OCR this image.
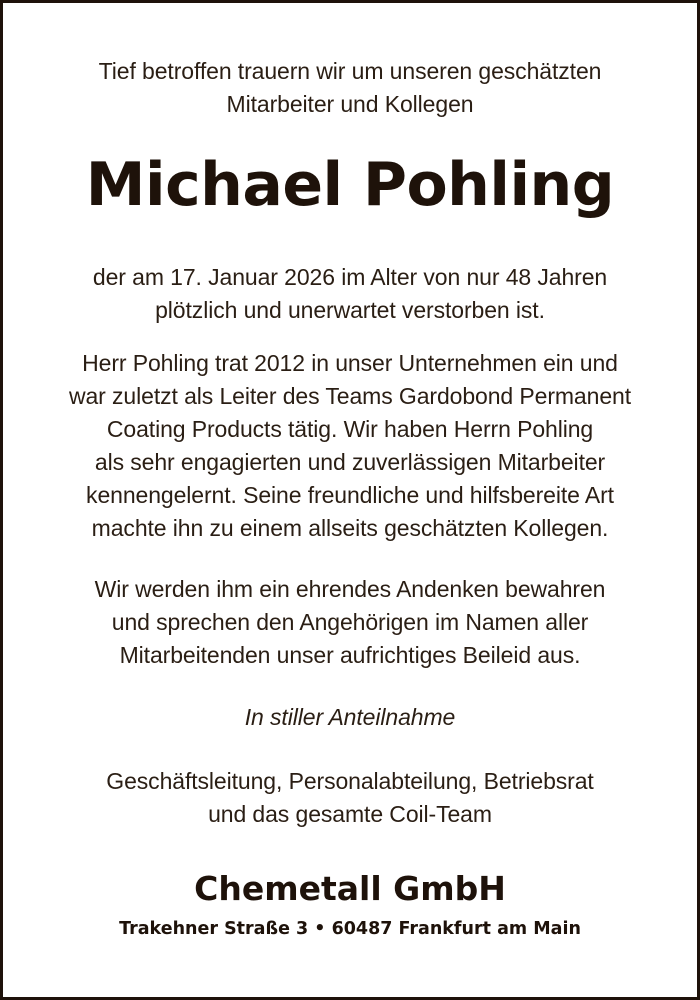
Tief betroffen trauern wir um unseren geschätzten
Mitarbeiter und Kollegen
Michael Pohling
der am 17. Januar 2026 im Alter von nur 48 Jahren
plötzlich und unerwartet verstorben ist.
Herr Pohling trat 2012 in unser Unternehmen ein und
war zuletzt als Leiter des Teams Gardobond Permanent
Coating Products tätig. Wir haben Herrn Pohling
als sehr engagierten und zuverlässigen Mitarbeiter
kennengelernt. Seine freundliche und hilfsbereite Art
machte ihn zu einem allseits geschätzten Kollegen.
Wir werden ihm ein ehrendes Andenken bewahren
und sprechen den Angehörigen im Namen aller
Mitarbeitenden unser aufrichtiges Beileid aus.
In stiller Anteilnahme
Geschäftsleitung, Personalabteilung, Betriebsrat
und das gesamte Coil-Team
Chemetall GmbH
Trakehner Straße 3 • 60487 Frankfurt am Main
